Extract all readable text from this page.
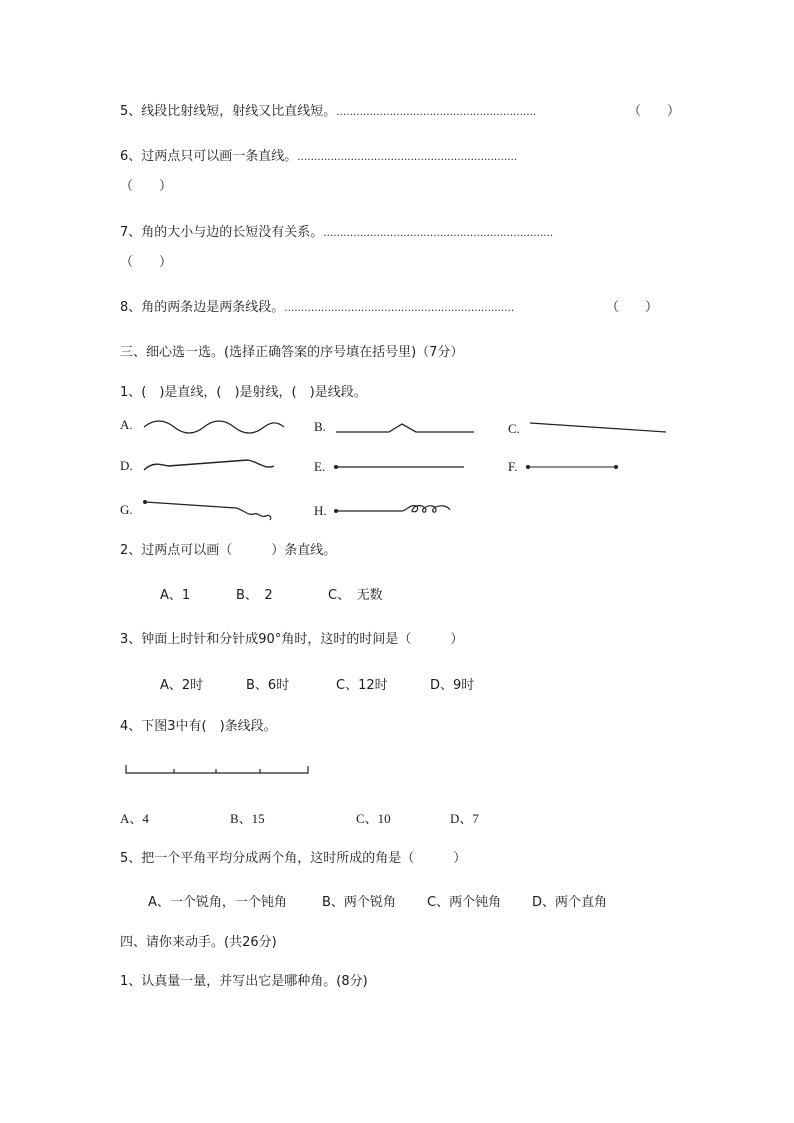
5、线段比射线短，射线又比直线短。……………………………………………………	（　　）
6、过两点只可以画一条直线。…………………………………………………………
（　　）
7、角的大小与边的长短没有关系。……………………………………………………………
（　　）
8、角的两条边是两条线段。……………………………………………………………	（　　）
三、细心选一选。(选择正确答案的序号填在括号里)（7分）
1、(　)是直线，(　)是射线，(　)是线段。
A.	B.	C.
D.	E.	F.
G.	H.
2、过两点可以画（　　　）条直线。
A、1	B、　2	C、　无数
3、钟面上时针和分针成90°角时，这时的时间是（　　　）
A、2时	B、6时	C、12时	D、9时
4、下图3中有(　)条线段。
A、4	B、15	C、10	D、7
5、把一个平角平均分成两个角，这时所成的角是（　　　）
A、一个锐角，一个钝角	B、两个锐角 C、两个钝角 D、两个直角
四、请你来动手。(共26分)
1、认真量一量，并写出它是哪种角。(8分)
